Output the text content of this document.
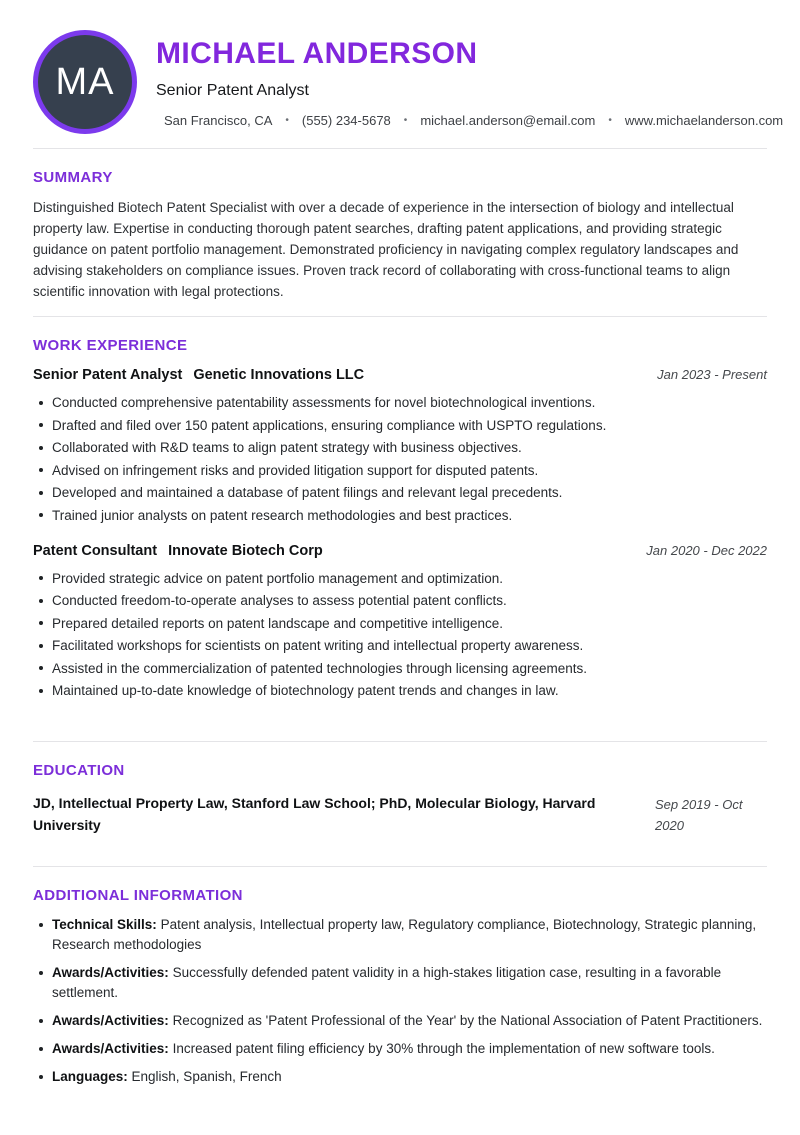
MA
MICHAEL ANDERSON
Senior Patent Analyst
San Francisco, CA • (555) 234-5678 • michael.anderson@email.com • www.michaelanderson.com
SUMMARY

Distinguished Biotech Patent Specialist with over a decade of experience in the intersection of biology and intellectual property law. Expertise in conducting thorough patent searches, drafting patent applications, and providing strategic guidance on patent portfolio management. Demonstrated proficiency in navigating complex regulatory landscapes and advising stakeholders on compliance issues. Proven track record of collaborating with cross-functional teams to align scientific innovation with legal protections.

WORK EXPERIENCE
Senior Patent Analyst Genetic Innovations LLC	Jan 2023 - Present
Conducted comprehensive patentability assessments for novel biotechnological inventions.
Drafted and filed over 150 patent applications, ensuring compliance with USPTO regulations.
Collaborated with R&D teams to align patent strategy with business objectives.
Advised on infringement risks and provided litigation support for disputed patents.
Developed and maintained a database of patent filings and relevant legal precedents.
Trained junior analysts on patent research methodologies and best practices.
Patent Consultant Innovate Biotech Corp	Jan 2020 - Dec 2022
Provided strategic advice on patent portfolio management and optimization.
Conducted freedom-to-operate analyses to assess potential patent conflicts.
Prepared detailed reports on patent landscape and competitive intelligence.
Facilitated workshops for scientists on patent writing and intellectual property awareness.
Assisted in the commercialization of patented technologies through licensing agreements.
Maintained up-to-date knowledge of biotechnology patent trends and changes in law.
EDUCATION
JD, Intellectual Property Law, Stanford Law School; PhD, Molecular Biology, Harvard University
Sep 2019 - Oct 2020
ADDITIONAL INFORMATION
Technical Skills: Patent analysis, Intellectual property law, Regulatory compliance, Biotechnology, Strategic planning, Research methodologies
Awards/Activities: Successfully defended patent validity in a high-stakes litigation case, resulting in a favorable settlement.
Awards/Activities: Recognized as 'Patent Professional of the Year' by the National Association of Patent Practitioners.
Awards/Activities: Increased patent filing efficiency by 30% through the implementation of new software tools.
Languages: English, Spanish, French
